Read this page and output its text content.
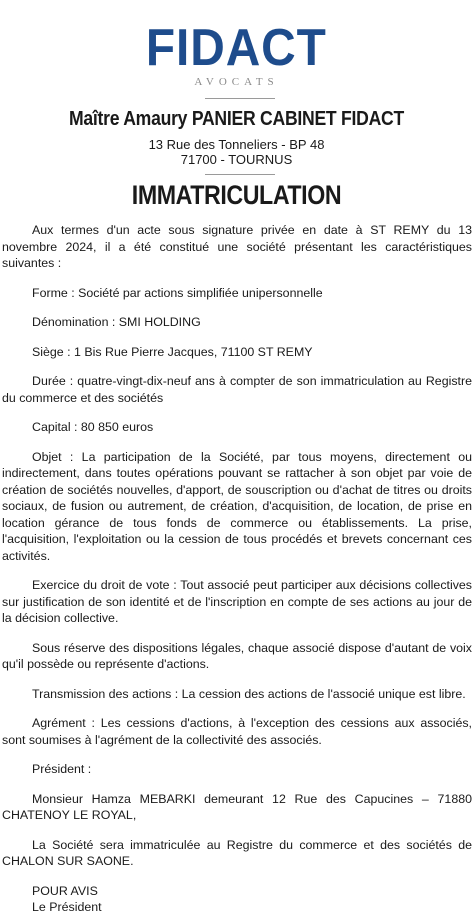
FIDACT
AVOCATS
Maître Amaury PANIER CABINET FIDACT
13 Rue des Tonneliers - BP 48
71700 - TOURNUS
IMMATRICULATION

Aux termes d'un acte sous signature privée en date à ST REMY du 13 novembre 2024, il a été constitué une société présentant les caractéristiques suivantes :

Forme : Société par actions simplifiée unipersonnelle

Dénomination : SMI HOLDING

Siège : 1 Bis Rue Pierre Jacques, 71100 ST REMY

Durée : quatre-vingt-dix-neuf ans à compter de son immatriculation au Registre du commerce et des sociétés

Capital : 80 850 euros

Objet : La participation de la Société, par tous moyens, directement ou indirectement, dans toutes opérations pouvant se rattacher à son objet par voie de création de sociétés nouvelles, d'apport, de souscription ou d'achat de titres ou droits sociaux, de fusion ou autrement, de création, d'acquisition, de location, de prise en location gérance de tous fonds de commerce ou établissements. La prise, l'acquisition, l'exploitation ou la cession de tous procédés et brevets concernant ces activités.

Exercice du droit de vote : Tout associé peut participer aux décisions collectives sur justification de son identité et de l'inscription en compte de ses actions au jour de la décision collective.

Sous réserve des dispositions légales, chaque associé dispose d'autant de voix qu'il possède ou représente d'actions.

Transmission des actions : La cession des actions de l'associé unique est libre.

Agrément : Les cessions d'actions, à l'exception des cessions aux associés, sont soumises à l'agrément de la collectivité des associés.

Président :

Monsieur Hamza MEBARKI demeurant 12 Rue des Capucines – 71880 CHATENOY LE ROYAL,

La Société sera immatriculée au Registre du commerce et des sociétés de CHALON SUR SAONE.

POUR AVIS

Le Président
